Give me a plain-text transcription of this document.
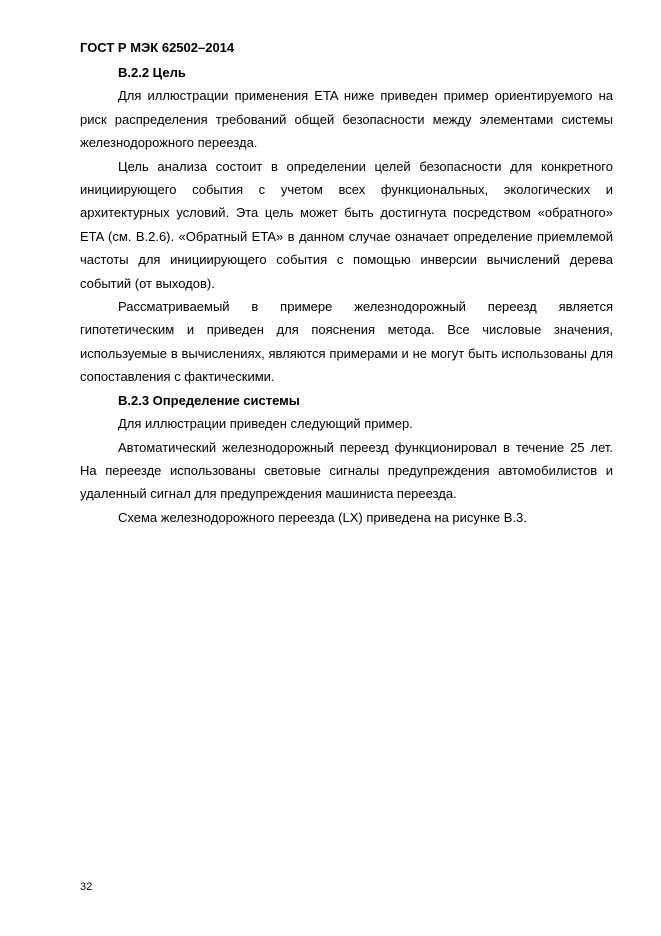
ГОСТ Р МЭК 62502–2014

B.2.2 Цель

Для иллюстрации применения ETA ниже приведен пример ориентируемого на риск распределения требований общей безопасности между элементами системы железнодорожного переезда.

Цель анализа состоит в определении целей безопасности для конкретного инициирующего события с учетом всех функциональных, экологических и архитектурных условий. Эта цель может быть достигнута посредством «обратного» ETA (см. B.2.6). «Обратный ETA» в данном случае означает определение приемлемой частоты для инициирующего события с помощью инверсии вычислений дерева событий (от выходов).

Рассматриваемый в примере железнодорожный переезд является гипотетическим и приведен для пояснения метода. Все числовые значения, используемые в вычислениях, являются примерами и не могут быть использованы для сопоставления с фактическими.

B.2.3 Определение системы

Для иллюстрации приведен следующий пример.

Автоматический железнодорожный переезд функционировал в течение 25 лет. На переезде использованы световые сигналы предупреждения автомобилистов и удаленный сигнал для предупреждения машиниста переезда.

Схема железнодорожного переезда (LX) приведена на рисунке B.3.

32
